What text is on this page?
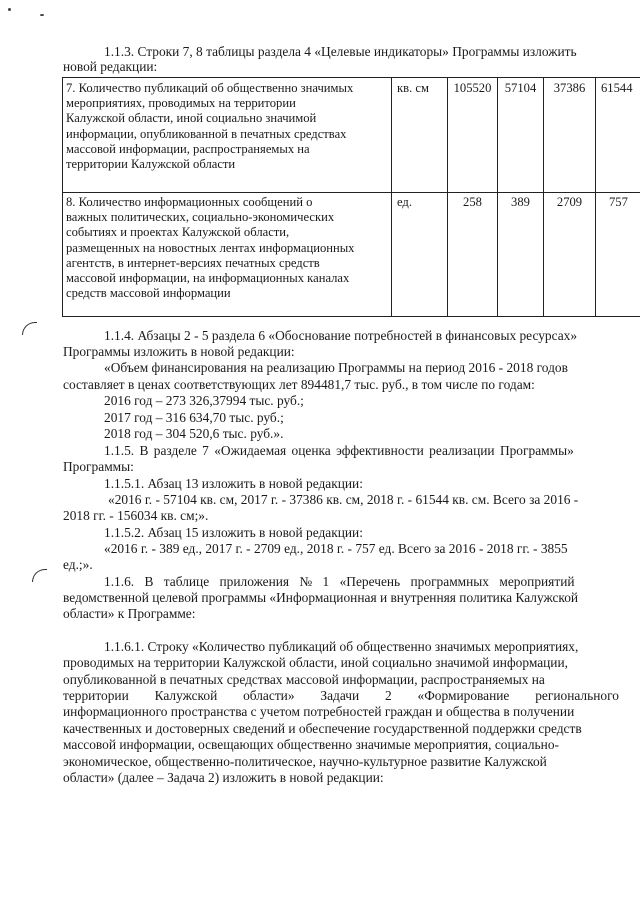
1.1.3. Строки 7, 8 таблицы раздела 4 «Целевые индикаторы» Программы изложить

новой редакции:

7. Количество публикаций об общественно значимых
мероприятиях, проводимых на территории
Калужской области, иной социально значимой
информации, опубликованной в печатных средствах
массовой информации, распространяемых на
территории Калужской области
кв. см	105520	57104	37386	61544
8. Количество информационных сообщений о
важных политических, социально-экономических
событиях и проектах Калужской области,
размещенных на новостных лентах информационных
агентств, в интернет-версиях печатных средств
массовой информации, на информационных каналах
средств массовой информации
ед.	258	389	2709	757
1.1.4. Абзацы 2 - 5 раздела 6 «Обоснование потребностей в финансовых ресурсах»

Программы изложить в новой редакции:

«Объем финансирования на реализацию Программы на период 2016 - 2018 годов

составляет в ценах соответствующих лет 894481,7 тыс. руб., в том числе по годам:

2016 год – 273 326,37994 тыс. руб.;

2017 год – 316 634,70 тыс. руб.;

2018 год – 304 520,6 тыс. руб.».

1.1.5. В разделе 7 «Ожидаемая оценка эффективности реализации Программы»

Программы:

1.1.5.1. Абзац 13 изложить в новой редакции:

«2016 г. - 57104 кв. см, 2017 г. - 37386 кв. см, 2018 г. - 61544 кв. см. Всего за 2016 -

2018 гг. - 156034 кв. см;».

1.1.5.2. Абзац 15 изложить в новой редакции:

«2016 г. - 389 ед., 2017 г. - 2709 ед., 2018 г. - 757 ед. Всего за 2016 - 2018 гг. - 3855

ед.;».

1.1.6. В таблице приложения № 1 «Перечень программных мероприятий

ведомственной целевой программы «Информационная и внутренняя политика Калужской

области» к Программе:

1.1.6.1. Строку «Количество публикаций об общественно значимых мероприятиях,

проводимых на территории Калужской области, иной социально значимой информации,

опубликованной в печатных средствах массовой информации, распространяемых на

территории Калужской области» Задачи 2 «Формирование регионального

информационного пространства с учетом потребностей граждан и общества в получении

качественных и достоверных сведений и обеспечение государственной поддержки средств

массовой информации, освещающих общественно значимые мероприятия, социально-

экономическое, общественно-политическое, научно-культурное развитие Калужской

области» (далее – Задача 2) изложить в новой редакции:
